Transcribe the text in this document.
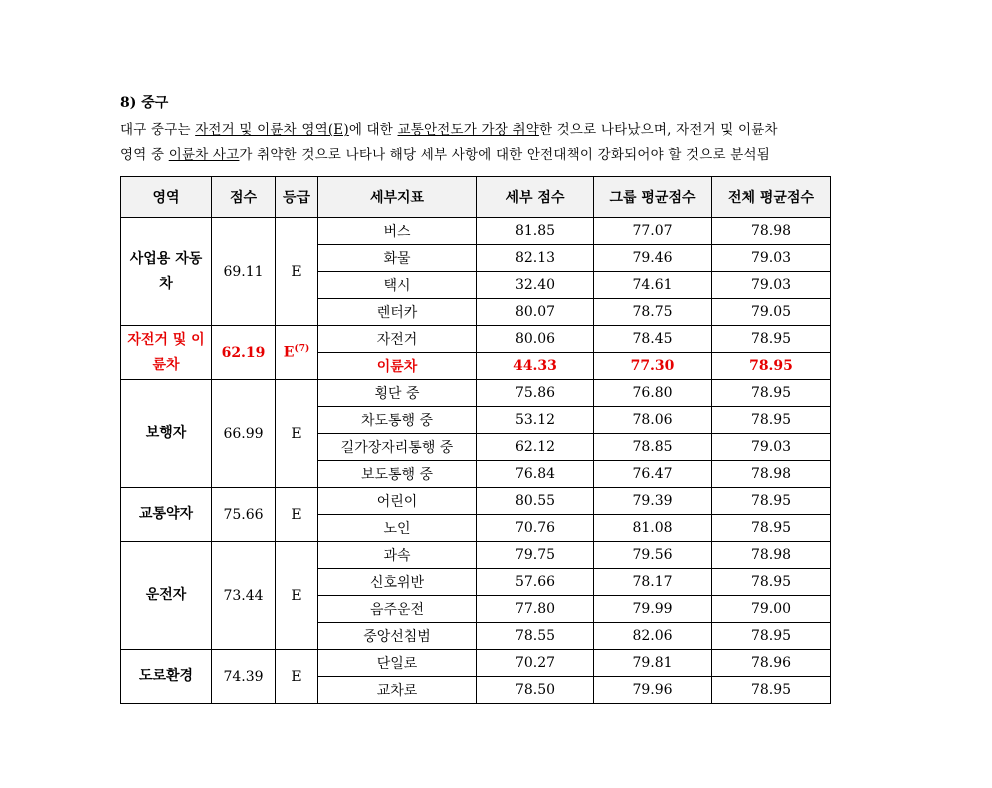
8) 중구
대구 중구는 자전거 및 이륜차 영역(E)에 대한 교통안전도가 가장 취약한 것으로 나타났으며, 자전거 및 이륜차
영역 중 이륜차 사고가 취약한 것으로 나타나 해당 세부 사항에 대한 안전대책이 강화되어야 할 것으로 분석됨
영역	점수	등급	세부지표	세부 점수	그룹 평균점수	전체 평균점수
사업용 자동차	69.11	E	버스	81.85	77.07	78.98
			화물	82.13	79.46	79.03
			택시	32.40	74.61	79.03
			렌터카	80.07	78.75	79.05
자전거 및 이륜차	62.19	E$^{(7)}$	자전거	80.06	78.45	78.95
			이륜차	44.33	77.30	78.95
보행자	66.99	E	횡단 중	75.86	76.80	78.95
			차도통행 중	53.12	78.06	78.95
			길가장자리통행 중	62.12	78.85	79.03
			보도통행 중	76.84	76.47	78.98
교통약자	75.66	E	어린이	80.55	79.39	78.95
			노인	70.76	81.08	78.95
운전자	73.44	E	과속	79.75	79.56	78.98
			신호위반	57.66	78.17	78.95
			음주운전	77.80	79.99	79.00
			중앙선침범	78.55	82.06	78.95
도로환경	74.39	E	단일로	70.27	79.81	78.96
			교차로	78.50	79.96	78.95
